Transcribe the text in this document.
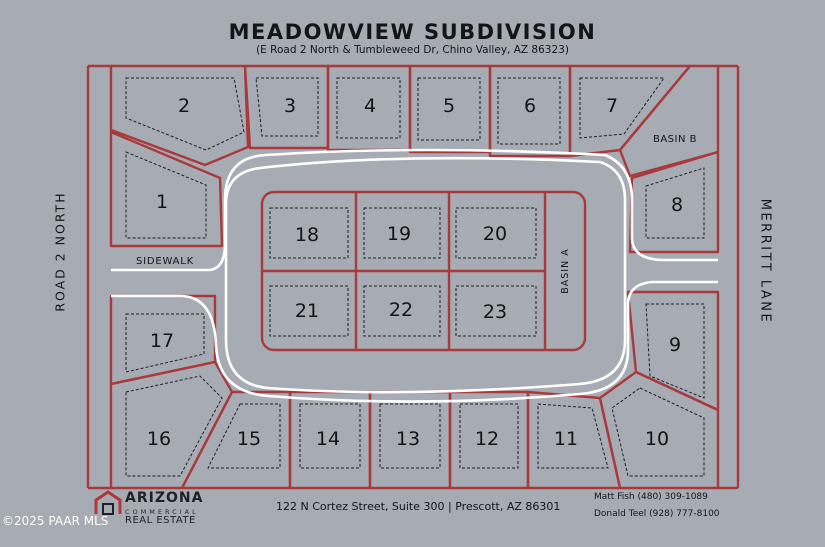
1
2	3	4	5	6	7
8
9
10
11
12
13
14
15
16
17
18	19	20
21	22	23
BASIN B
BASIN A
SIDEWALK
MEADOWVIEW SUBDIVISION
(E Road 2 North & Tumbleweed Dr, Chino Valley, AZ 86323)
ROAD 2 NORTH	MERRITT LANE
ARIZONA
COMMERCIAL
REAL ESTATE
122 N Cortez Street, Suite 300 | Prescott, AZ 86301
Matt Fish (480) 309-1089
Donald Teel (928) 777-8100
©2025 PAAR MLS
